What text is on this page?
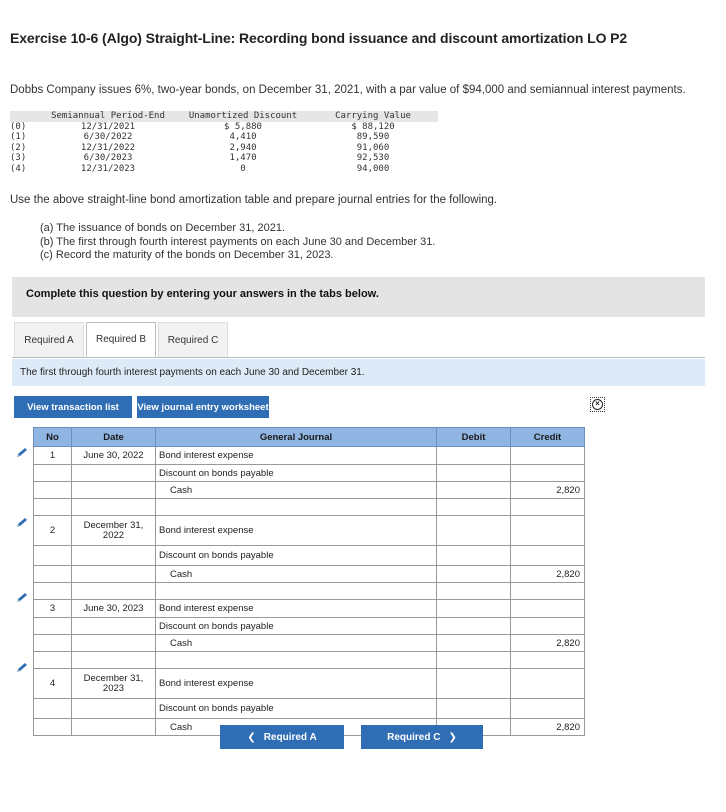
Exercise 10-6 (Algo) Straight-Line: Recording bond issuance and discount amortization LO P2
Dobbs Company issues 6%, two-year bonds, on December 31, 2021, with a par value of $94,000 and semiannual interest payments.
	Semiannual Period-End	Unamortized Discount	Carrying Value
(0)	12/31/2021	$ 5,880	$ 88,120
(1)	6/30/2022	4,410	89,590
(2)	12/31/2022	2,940	91,060
(3)	6/30/2023	1,470	92,530
(4)	12/31/2023	0	94,000
Use the above straight-line bond amortization table and prepare journal entries for the following.
(a) The issuance of bonds on December 31, 2021.
(b) The first through fourth interest payments on each June 30 and December 31.
(c) Record the maturity of the bonds on December 31, 2023.
Complete this question by entering your answers in the tabs below.
Required A	Required B	Required C
The first through fourth interest payments on each June 30 and December 31.
View transaction list	View journal entry worksheet	×
No	Date	General Journal	Debit	Credit
1	June 30, 2022	Bond interest expense		
		Discount on bonds payable		
		Cash		2,820

2	December 31, 2022	Bond interest expense		
		Discount on bonds payable		
		Cash		2,820

3	June 30, 2023	Bond interest expense		
		Discount on bonds payable		
		Cash		2,820

4	December 31, 2023	Bond interest expense		
		Discount on bonds payable		
		Cash		2,820
❮ Required A	Required C ❯
